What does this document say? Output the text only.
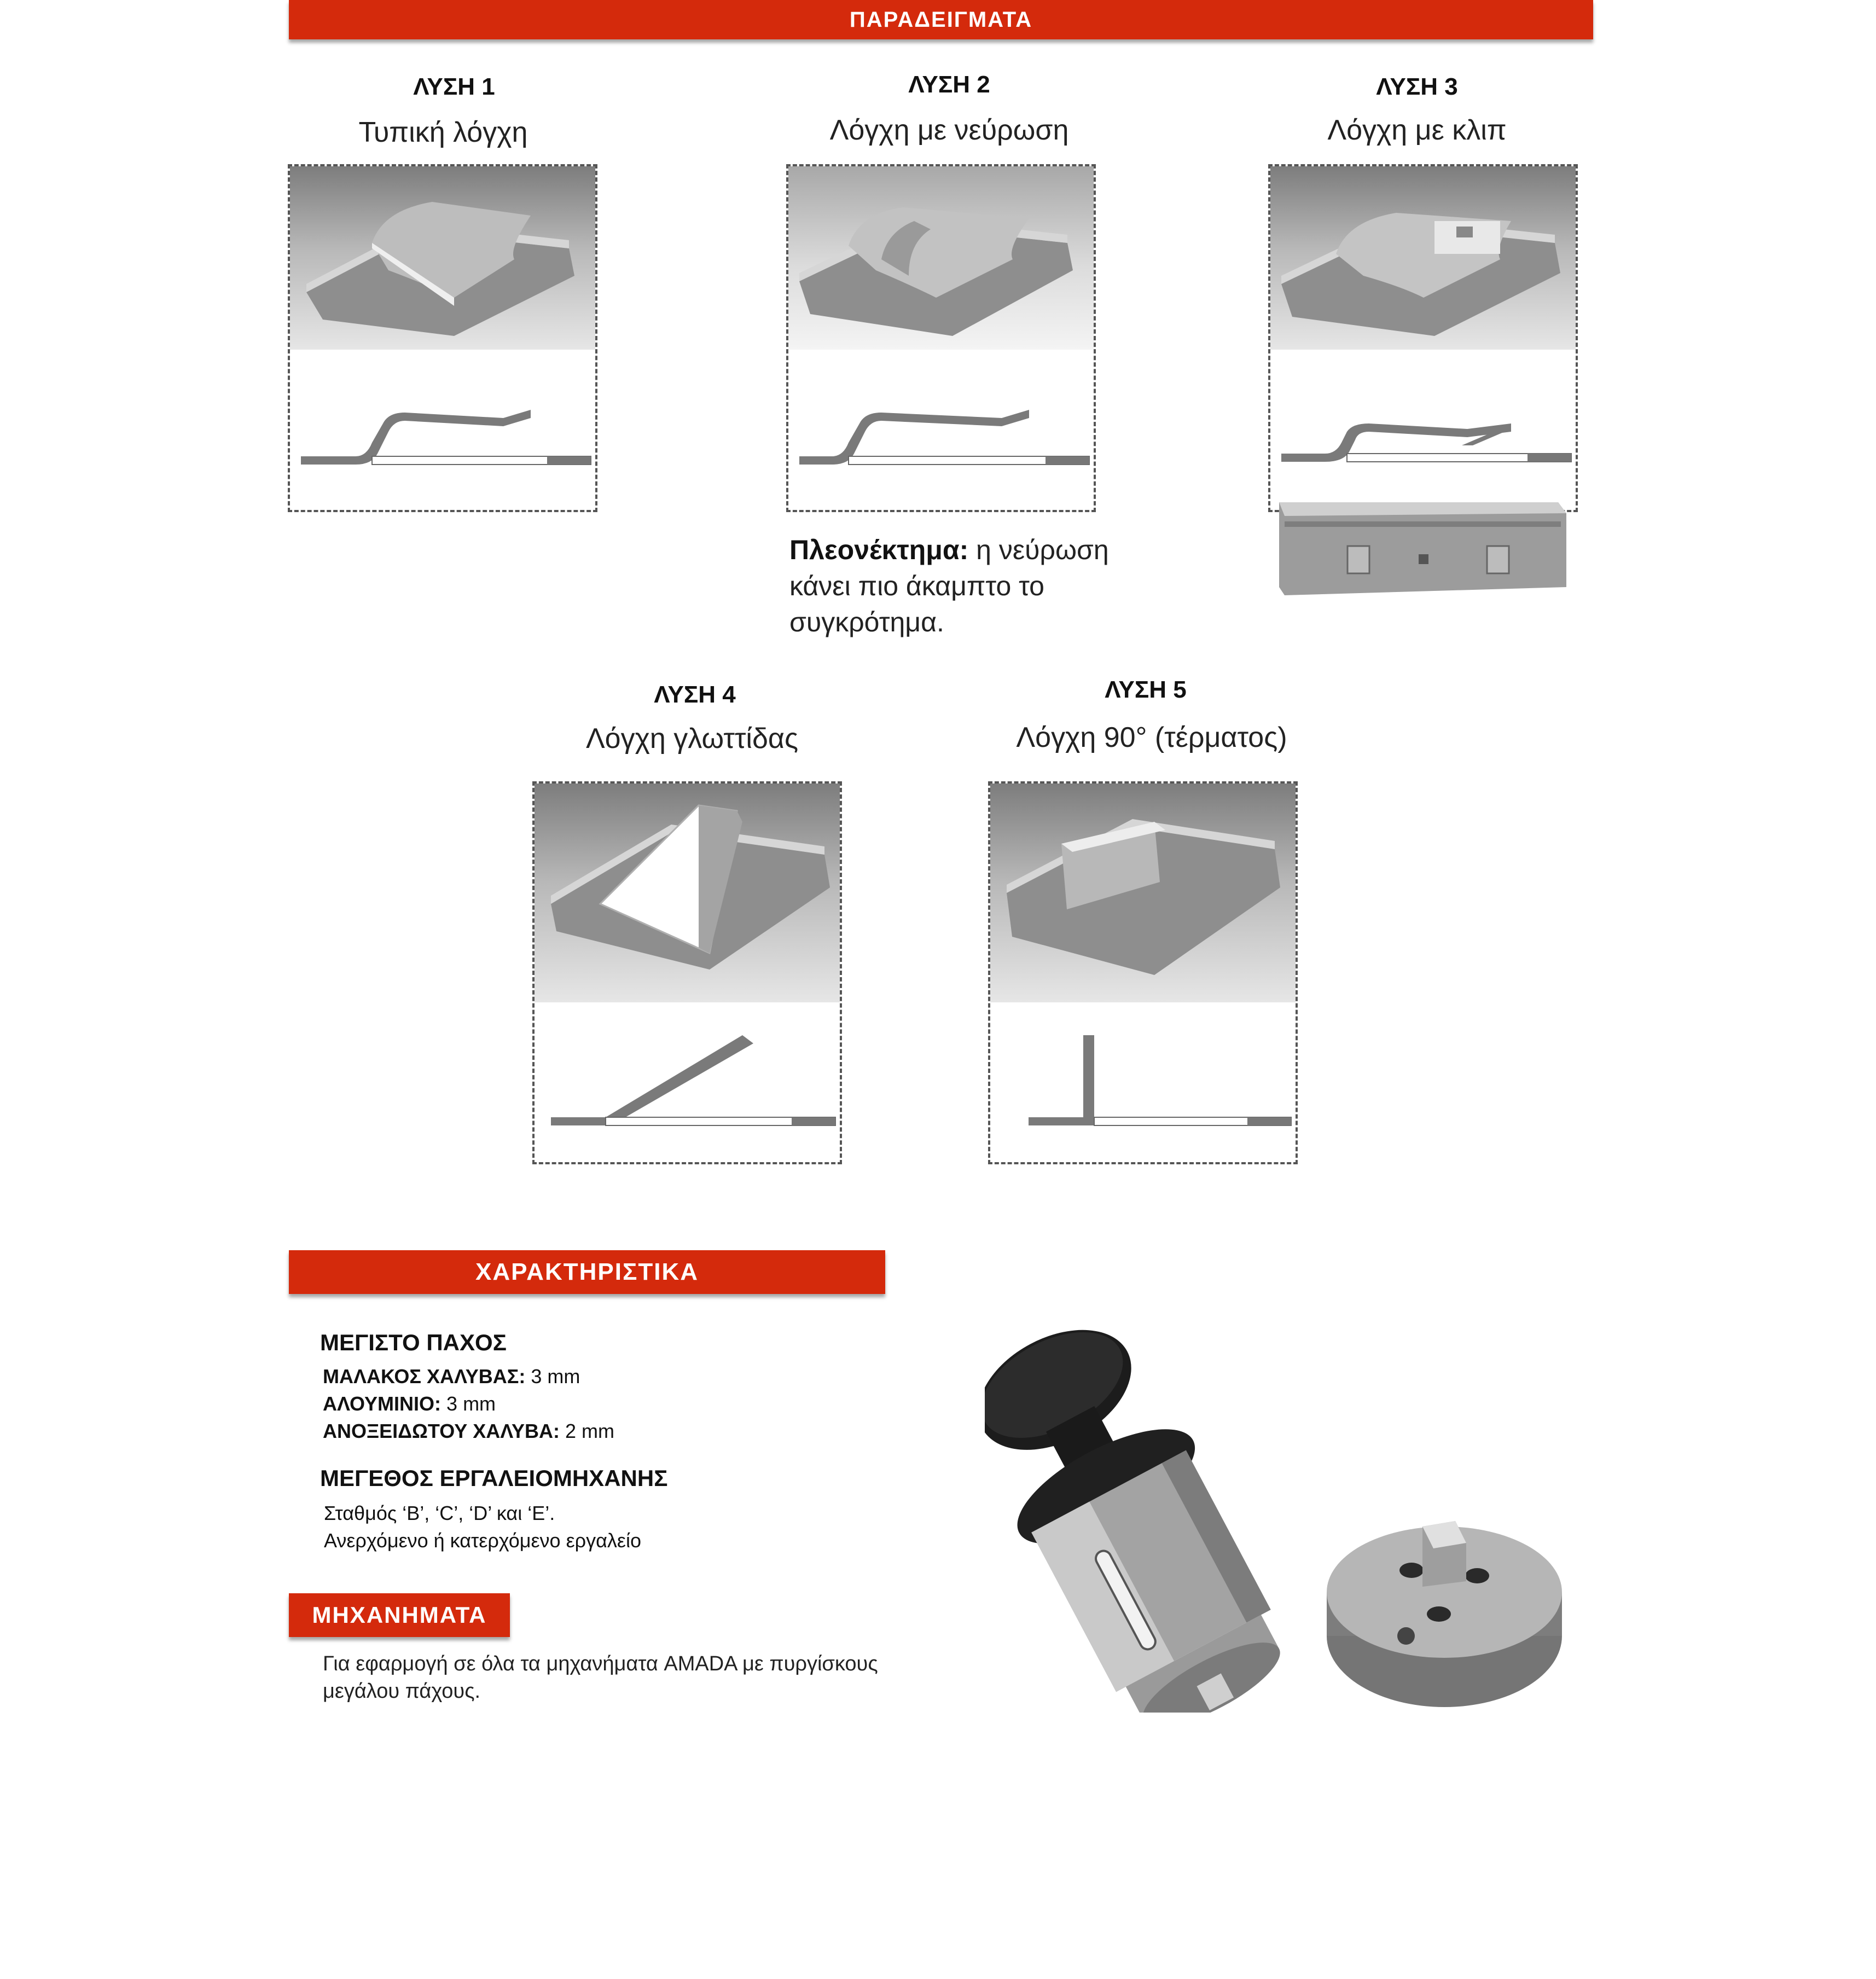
ΠΑΡΑΔΕΙΓΜΑΤΑ
ΛΥΣΗ 1
Τυπική λόγχη
ΛΥΣΗ 2
Λόγχη με νεύρωση
Πλεονέκτημα: η νεύρωση
κάνει πιο άκαμπτο το
συγκρότημα.
ΛΥΣΗ 3
Λόγχη με κλιπ
ΛΥΣΗ 4
Λόγχη γλωττίδας
ΛΥΣΗ 5
Λόγχη 90° (τέρματος)
ΧΑΡΑΚΤΗΡΙΣΤΙΚΑ
ΜΕΓΙΣΤΟ ΠΑΧΟΣ
ΜΑΛΑΚΟΣ ΧΑΛΥΒΑΣ: 3 mm
ΑΛΟΥΜΙΝΙΟ: 3 mm
ΑΝΟΞΕΙΔΩΤΟΥ ΧΑΛΥΒΑ: 2 mm
ΜΕΓΕΘΟΣ ΕΡΓΑΛΕΙΟΜΗΧΑΝΗΣ
Σταθμός ‘B’, ‘C’, ‘D’ και ‘E’.
Ανερχόμενο ή κατερχόμενο εργαλείο
ΜΗΧΑΝΗΜΑΤΑ
Για εφαρμογή σε όλα τα μηχανήματα AMADA με πυργίσκους
μεγάλου πάχους.
